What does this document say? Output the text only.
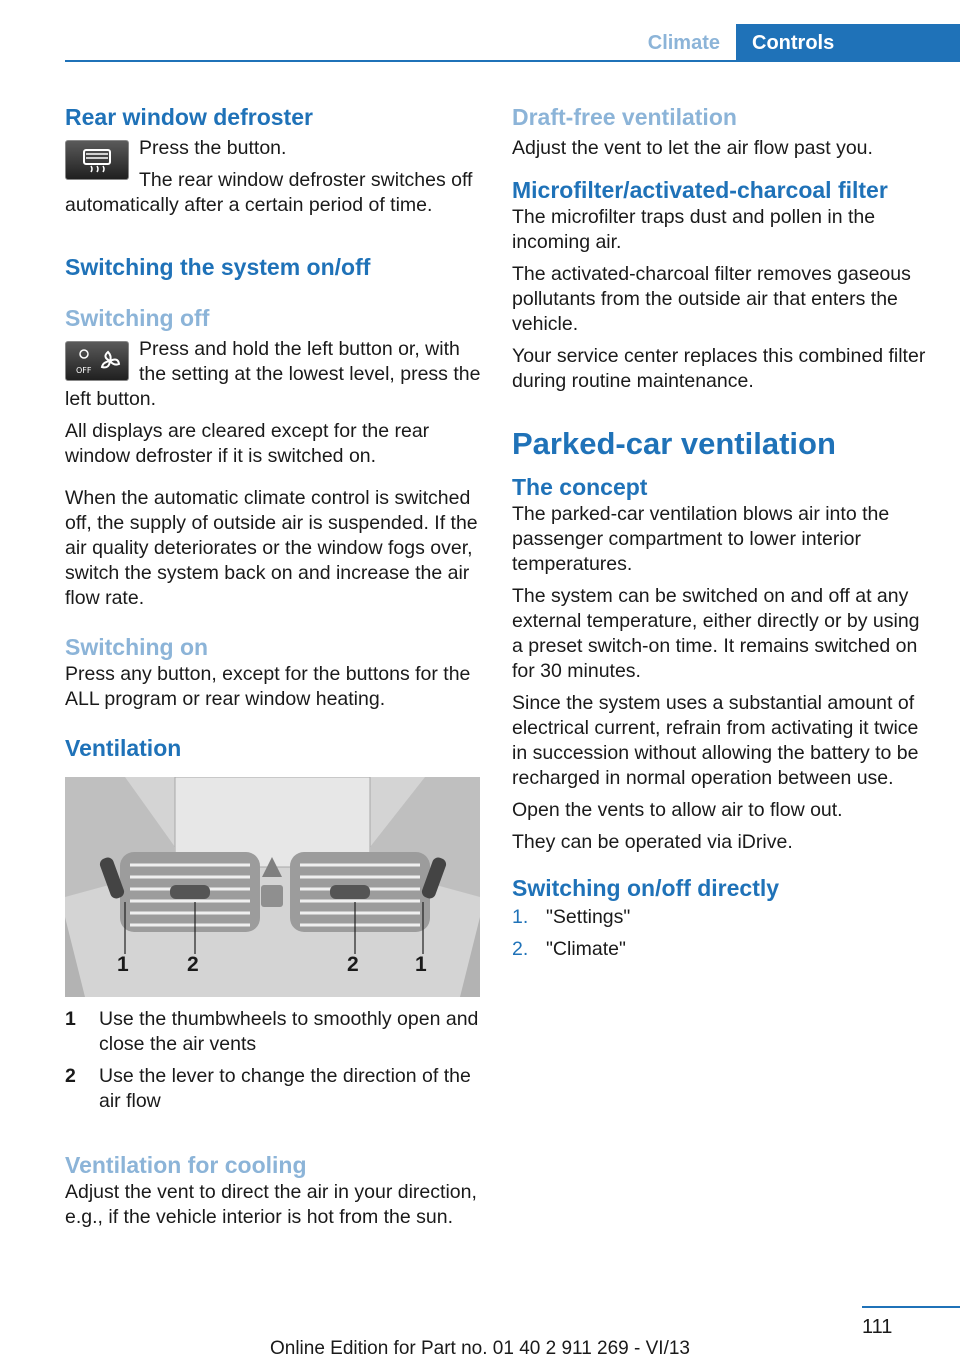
Climate	Controls
Rear window defroster

Press the button.

The rear window defroster switches off automatically after a certain period of time.

Switching the system on/off
Switching off
OFF

Press and hold the left button or, with the setting at the lowest level, press the left button.

All displays are cleared except for the rear window defroster if it is switched on.

When the automatic climate control is switched off, the supply of outside air is suspended. If the air quality deteriorates or the window fogs over, switch the system back on and increase the air flow rate.

Switching on

Press any button, except for the buttons for the ALL program or rear window heating.

Ventilation
1	2	2	1
1	Use the thumbwheels to smoothly open and close the air vents
2	Use the lever to change the direction of the air flow
Ventilation for cooling

Adjust the vent to direct the air in your direction, e.g., if the vehicle interior is hot from the sun.

Draft-free ventilation

Adjust the vent to let the air flow past you.

Microfilter/activated-charcoal filter

The microfilter traps dust and pollen in the incoming air.

The activated-charcoal filter removes gaseous pollutants from the outside air that enters the vehicle.

Your service center replaces this combined filter during routine maintenance.

Parked-car ventilation
The concept

The parked-car ventilation blows air into the passenger compartment to lower interior temperatures.

The system can be switched on and off at any external temperature, either directly or by using a preset switch-on time. It remains switched on for 30 minutes.

Since the system uses a substantial amount of electrical current, refrain from activating it twice in succession without allowing the battery to be recharged in normal operation between use.

Open the vents to allow air to flow out.

They can be operated via iDrive.

Switching on/off directly
1. "Settings"
2. "Climate"
111
Online Edition for Part no. 01 40 2 911 269 - VI/13
